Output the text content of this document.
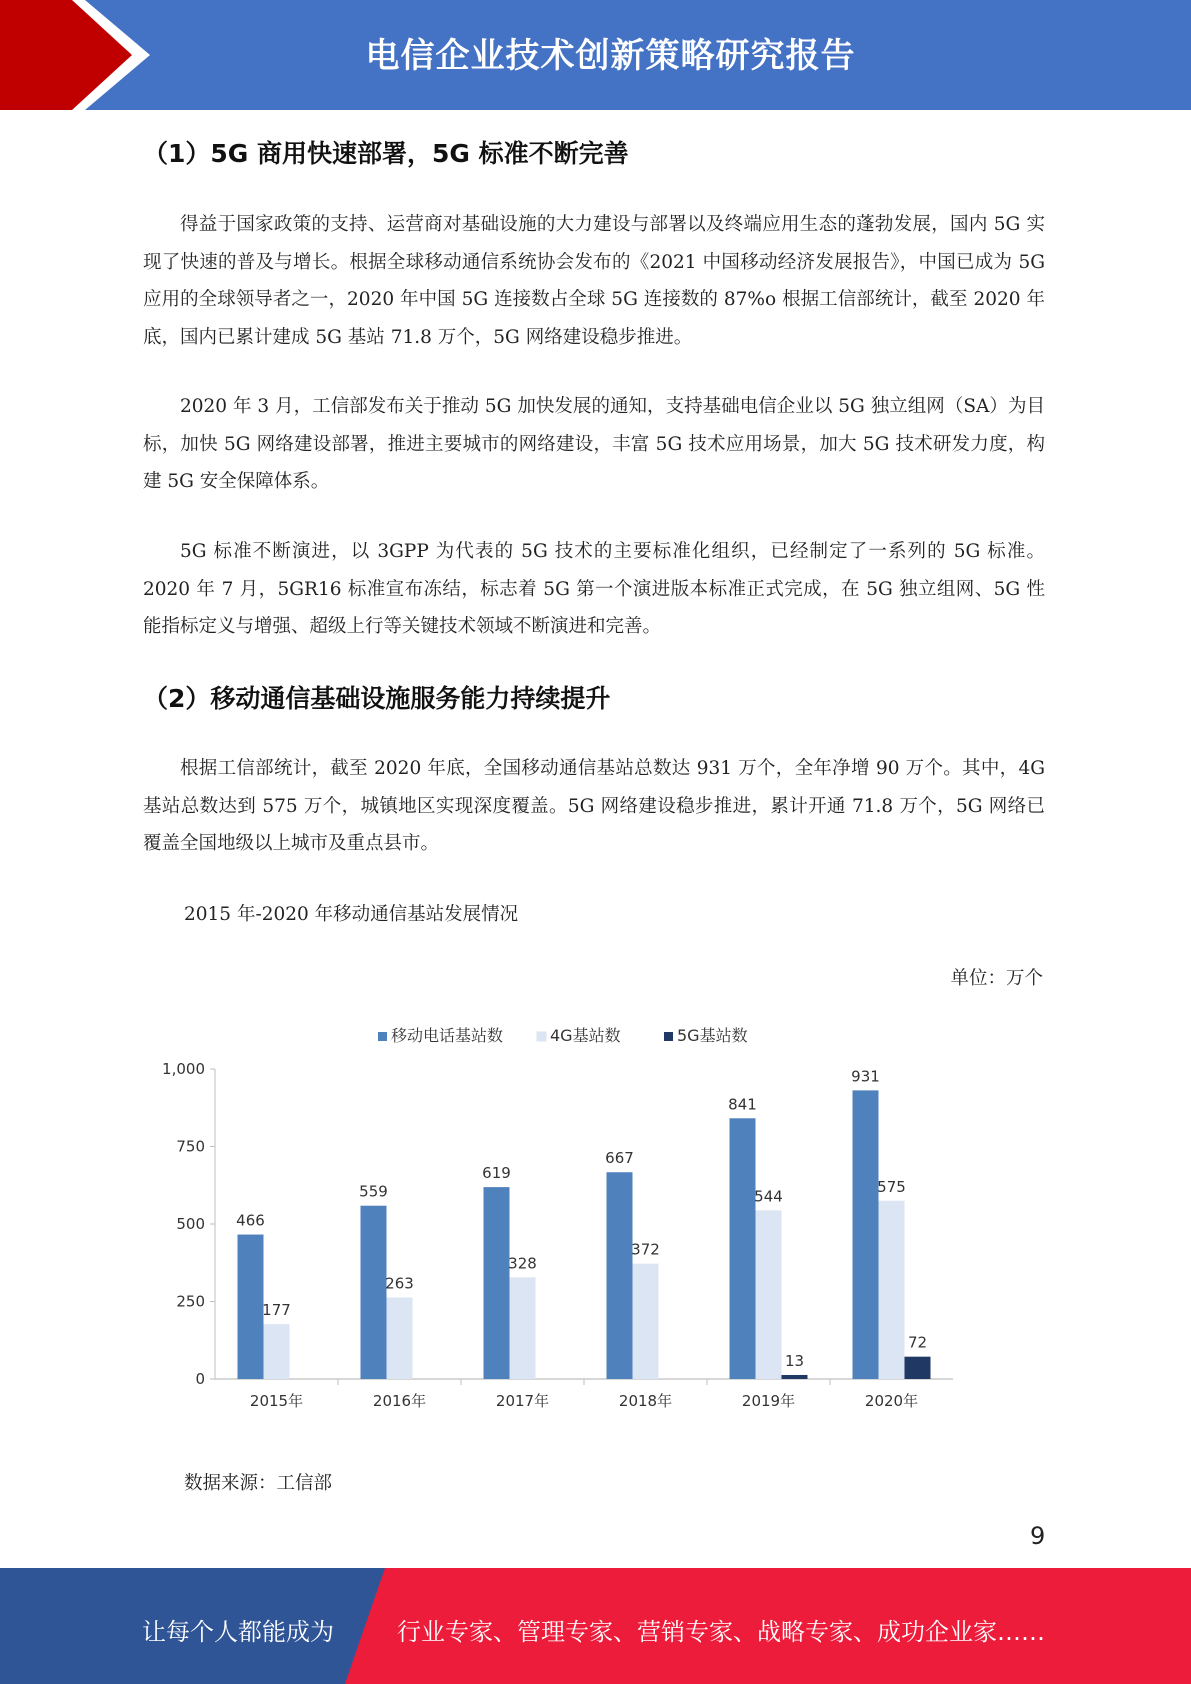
电信企业技术创新策略研究报告
（1）5G 商用快速部署，5G 标准不断完善

得益于国家政策的支持、运营商对基础设施的大力建设与部署以及终端应用生态的蓬勃发展，国内 5G 实现了快速的普及与增长。根据全球移动通信系统协会发布的《2021 中国移动经济发展报告》，中国已成为 5G 应用的全球领导者之一，2020 年中国 5G 连接数占全球 5G 连接数的 87%o 根据工信部统计，截至 2020 年底，国内已累计建成 5G 基站 71.8 万个，5G 网络建设稳步推进。

2020 年 3 月，工信部发布关于推动 5G 加快发展的通知，支持基础电信企业以 5G 独立组网（SA）为目标，加快 5G 网络建设部署，推进主要城市的网络建设，丰富 5G 技术应用场景，加大 5G 技术研发力度，构建 5G 安全保障体系。

5G 标准不断演进，以 3GPP 为代表的 5G 技术的主要标准化组织，已经制定了一系列的 5G 标准。2020 年 7 月，5GR16 标准宣布冻结，标志着 5G 第一个演进版本标准正式完成，在 5G 独立组网、5G 性能指标定义与增强、超级上行等关键技术领域不断演进和完善。

（2）移动通信基础设施服务能力持续提升

根据工信部统计，截至 2020 年底，全国移动通信基站总数达 931 万个，全年净增 90 万个。其中，4G 基站总数达到 575 万个，城镇地区实现深度覆盖。5G 网络建设稳步推进，累计开通 71.8 万个，5G 网络已覆盖全国地级以上城市及重点县市。

2015 年-2020 年移动通信基站发展情况
单位：万个
0
250
500
750
1,000
2015年
466
177
2016年
559
263
2017年
619
328
2018年
667
372
2019年
841
544
13
2020年
931
575
72
移动电话基站数	4G基站数	5G基站数
数据来源：工信部
9
让每个人都能成为	行业专家、管理专家、营销专家、战略专家、成功企业家……
